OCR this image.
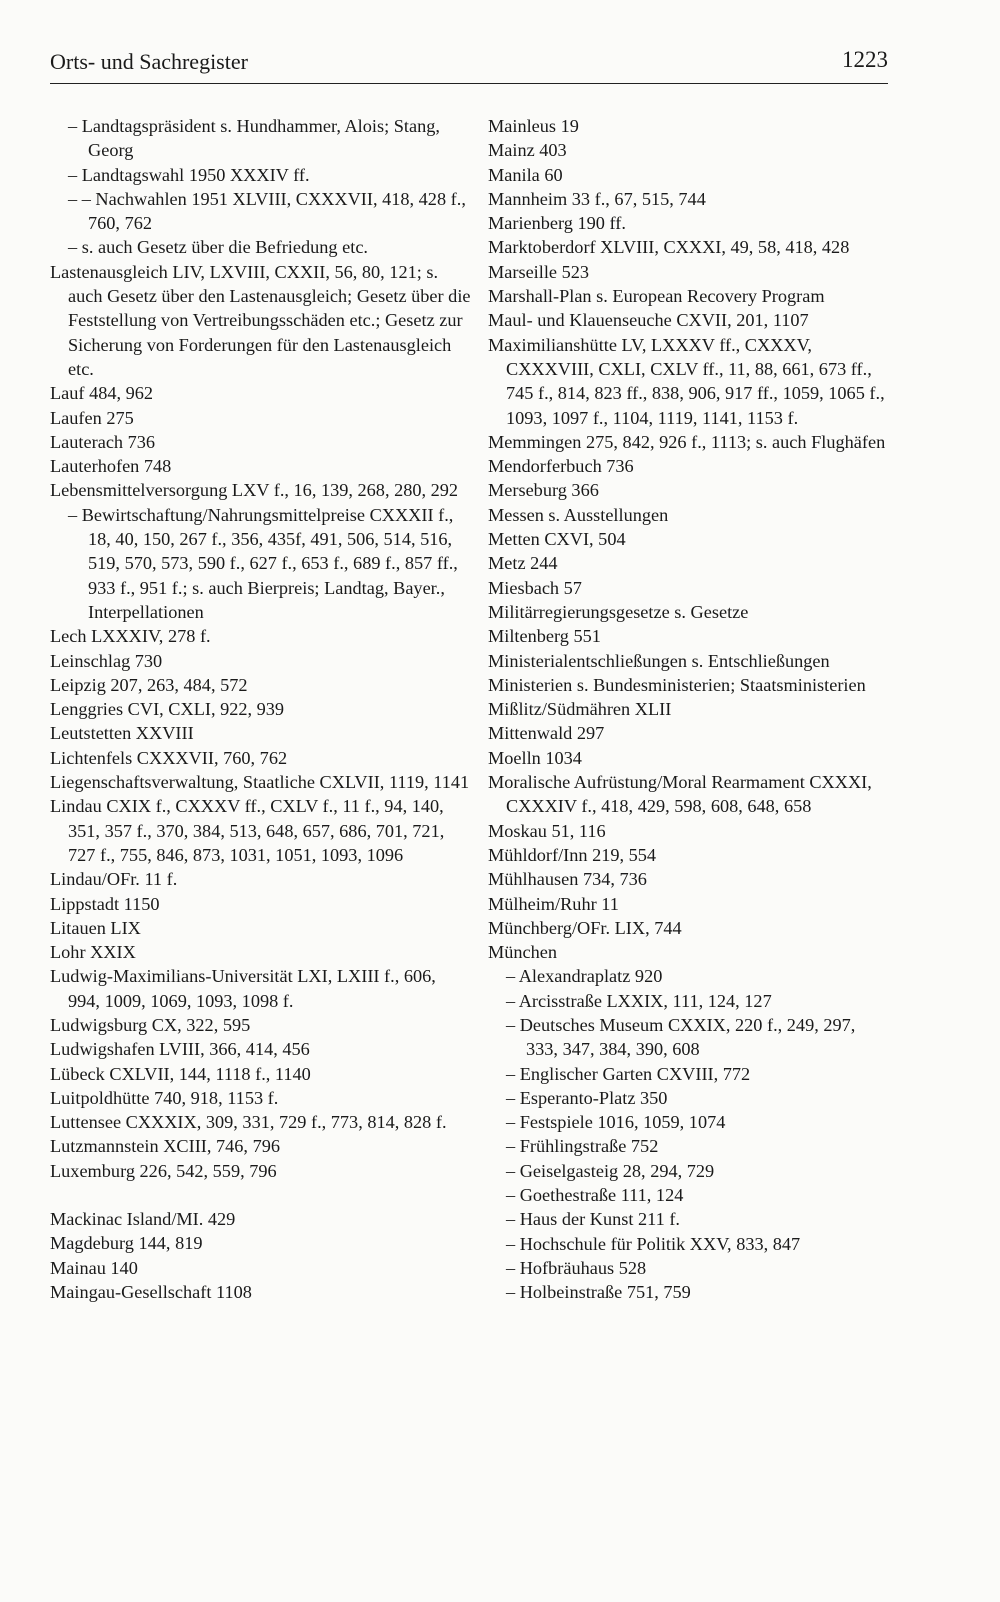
Orts- und Sachregister	1223
– Landtagspräsident s. Hundhammer, Alois; Stang, Georg
– Landtagswahl 1950 XXXIV ff.
– – Nachwahlen 1951 XLVIII, CXXXVII, 418, 428 f., 760, 762
– s. auch Gesetz über die Befriedung etc.
Lastenausgleich LIV, LXVIII, CXXII, 56, 80, 121; s. auch Gesetz über den Lastenausgleich; Gesetz über die Feststellung von Vertreibungsschäden etc.; Gesetz zur Sicherung von Forderungen für den Lastenausgleich etc.
Lauf 484, 962
Laufen 275
Lauterach 736
Lauterhofen 748
Lebensmittelversorgung LXV f., 16, 139, 268, 280, 292
– Bewirtschaftung/Nahrungsmittelpreise CXXXII f., 18, 40, 150, 267 f., 356, 435f, 491, 506, 514, 516, 519, 570, 573, 590 f., 627 f., 653 f., 689 f., 857 ff., 933 f., 951 f.; s. auch Bierpreis; Landtag, Bayer., Interpellationen
Lech LXXXIV, 278 f.
Leinschlag 730
Leipzig 207, 263, 484, 572
Lenggries CVI, CXLI, 922, 939
Leutstetten XXVIII
Lichtenfels CXXXVII, 760, 762
Liegenschaftsverwaltung, Staatliche CXLVII, 1119, 1141
Lindau CXIX f., CXXXV ff., CXLV f., 11 f., 94, 140, 351, 357 f., 370, 384, 513, 648, 657, 686, 701, 721, 727 f., 755, 846, 873, 1031, 1051, 1093, 1096
Lindau/OFr. 11 f.
Lippstadt 1150
Litauen LIX
Lohr XXIX
Ludwig-Maximilians-Universität LXI, LXIII f., 606, 994, 1009, 1069, 1093, 1098 f.
Ludwigsburg CX, 322, 595
Ludwigshafen LVIII, 366, 414, 456
Lübeck CXLVII, 144, 1118 f., 1140
Luitpoldhütte 740, 918, 1153 f.
Luttensee CXXXIX, 309, 331, 729 f., 773, 814, 828 f.
Lutzmannstein XCIII, 746, 796
Luxemburg 226, 542, 559, 796
Mackinac Island/MI. 429
Magdeburg 144, 819
Mainau 140
Maingau-Gesellschaft 1108
Mainleus 19
Mainz 403
Manila 60
Mannheim 33 f., 67, 515, 744
Marienberg 190 ff.
Marktoberdorf XLVIII, CXXXI, 49, 58, 418, 428
Marseille 523
Marshall-Plan s. European Recovery Program
Maul- und Klauenseuche CXVII, 201, 1107
Maximilianshütte LV, LXXXV ff., CXXXV, CXXXVIII, CXLI, CXLV ff., 11, 88, 661, 673 ff., 745 f., 814, 823 ff., 838, 906, 917 ff., 1059, 1065 f., 1093, 1097 f., 1104, 1119, 1141, 1153 f.
Memmingen 275, 842, 926 f., 1113; s. auch Flughäfen
Mendorferbuch 736
Merseburg 366
Messen s. Ausstellungen
Metten CXVI, 504
Metz 244
Miesbach 57
Militärregierungsgesetze s. Gesetze
Miltenberg 551
Ministerialentschließungen s. Entschließungen
Ministerien s. Bundesministerien; Staatsministerien
Mißlitz/Südmähren XLII
Mittenwald 297
Moelln 1034
Moralische Aufrüstung/Moral Rearmament CXXXI, CXXXIV f., 418, 429, 598, 608, 648, 658
Moskau 51, 116
Mühldorf/Inn 219, 554
Mühlhausen 734, 736
Mülheim/Ruhr 11
Münchberg/OFr. LIX, 744
München
– Alexandraplatz 920
– Arcisstraße LXXIX, 111, 124, 127
– Deutsches Museum CXXIX, 220 f., 249, 297, 333, 347, 384, 390, 608
– Englischer Garten CXVIII, 772
– Esperanto-Platz 350
– Festspiele 1016, 1059, 1074
– Frühlingstraße 752
– Geiselgasteig 28, 294, 729
– Goethestraße 111, 124
– Haus der Kunst 211 f.
– Hochschule für Politik XXV, 833, 847
– Hofbräuhaus 528
– Holbeinstraße 751, 759
